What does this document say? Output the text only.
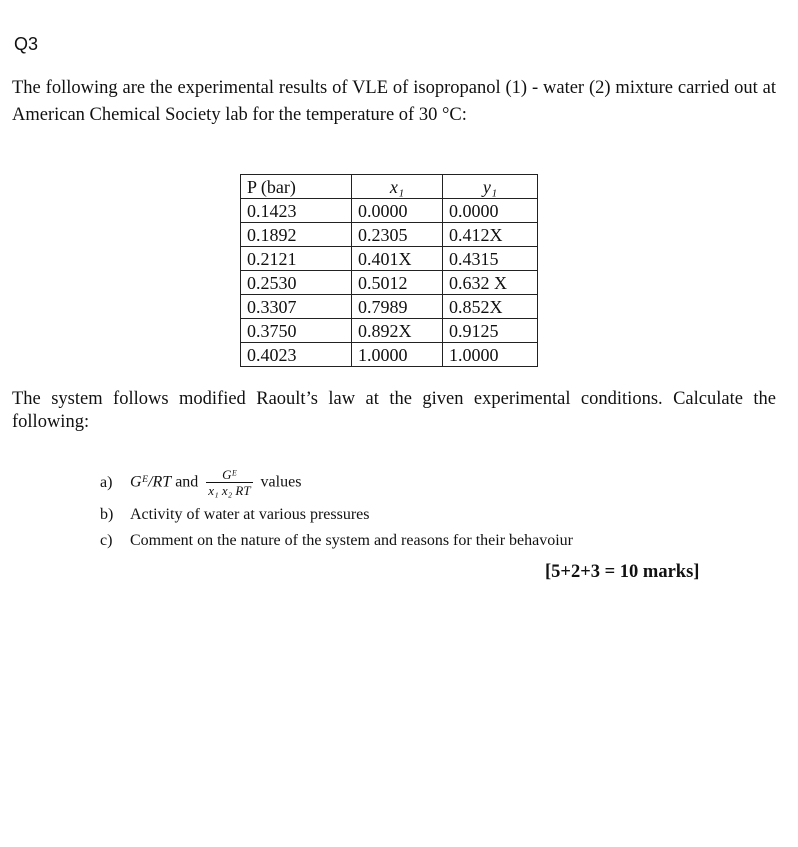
Q3
The following are the experimental results of VLE of isopropanol (1) - water (2) mixture carried out at American Chemical Society lab for the temperature of 30 °C:
P (bar)	x₁	y₁
0.1423	0.0000	0.0000
0.1892	0.2305	0.412X
0.2121	0.401X	0.4315
0.2530	0.5012	0.632 X
0.3307	0.7989	0.852X
0.3750	0.892X	0.9125
0.4023	1.0000	1.0000
The system follows modified Raoult’s law at the given experimental conditions. Calculate the following:
a) Gᴱ/RT and $\frac{\text{Gᴱ}}{\text{x₁ x₂ RT}}$ values
b) Activity of water at various pressures
c) Comment on the nature of the system and reasons for their behavoiur
[5+2+3 = 10 marks]
